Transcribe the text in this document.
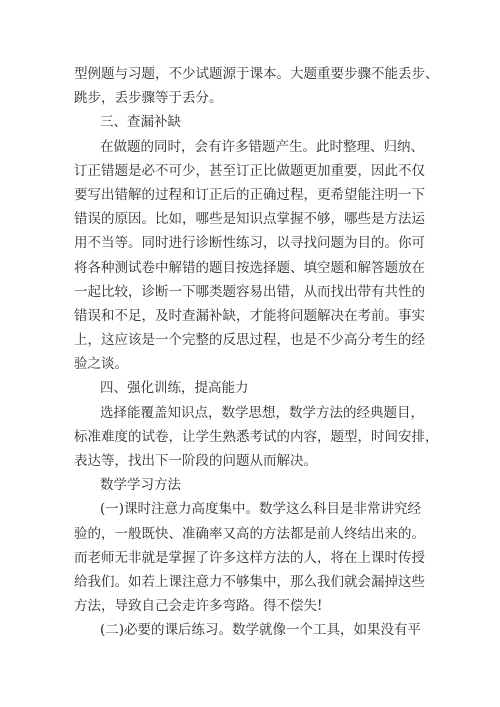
型例题与习题，不少试题源于课本。大题重要步骤不能丢步、
跳步，丢步骤等于丢分。
三、查漏补缺
在做题的同时，会有许多错题产生。此时整理、归纳、
订正错题是必不可少，甚至订正比做题更加重要，因此不仅
要写出错解的过程和订正后的正确过程，更希望能注明一下
错误的原因。比如，哪些是知识点掌握不够，哪些是方法运
用不当等。同时进行诊断性练习，以寻找问题为目的。你可
将各种测试卷中解错的题目按选择题、填空题和解答题放在
一起比较，诊断一下哪类题容易出错，从而找出带有共性的
错误和不足，及时查漏补缺，才能将问题解决在考前。事实
上，这应该是一个完整的反思过程，也是不少高分考生的经
验之谈。
四、强化训练，提高能力
选择能覆盖知识点，数学思想，数学方法的经典题目，
标准难度的试卷，让学生熟悉考试的内容，题型，时间安排，
表达等，找出下一阶段的问题从而解决。
数学学习方法
(一)课时注意力高度集中。数学这么科目是非常讲究经
验的，一般既快、准确率又高的方法都是前人终结出来的。
而老师无非就是掌握了许多这样方法的人，将在上课时传授
给我们。如若上课注意力不够集中，那么我们就会漏掉这些
方法，导致自己会走许多弯路。得不偿失!
(二)必要的课后练习。数学就像一个工具，如果没有平
